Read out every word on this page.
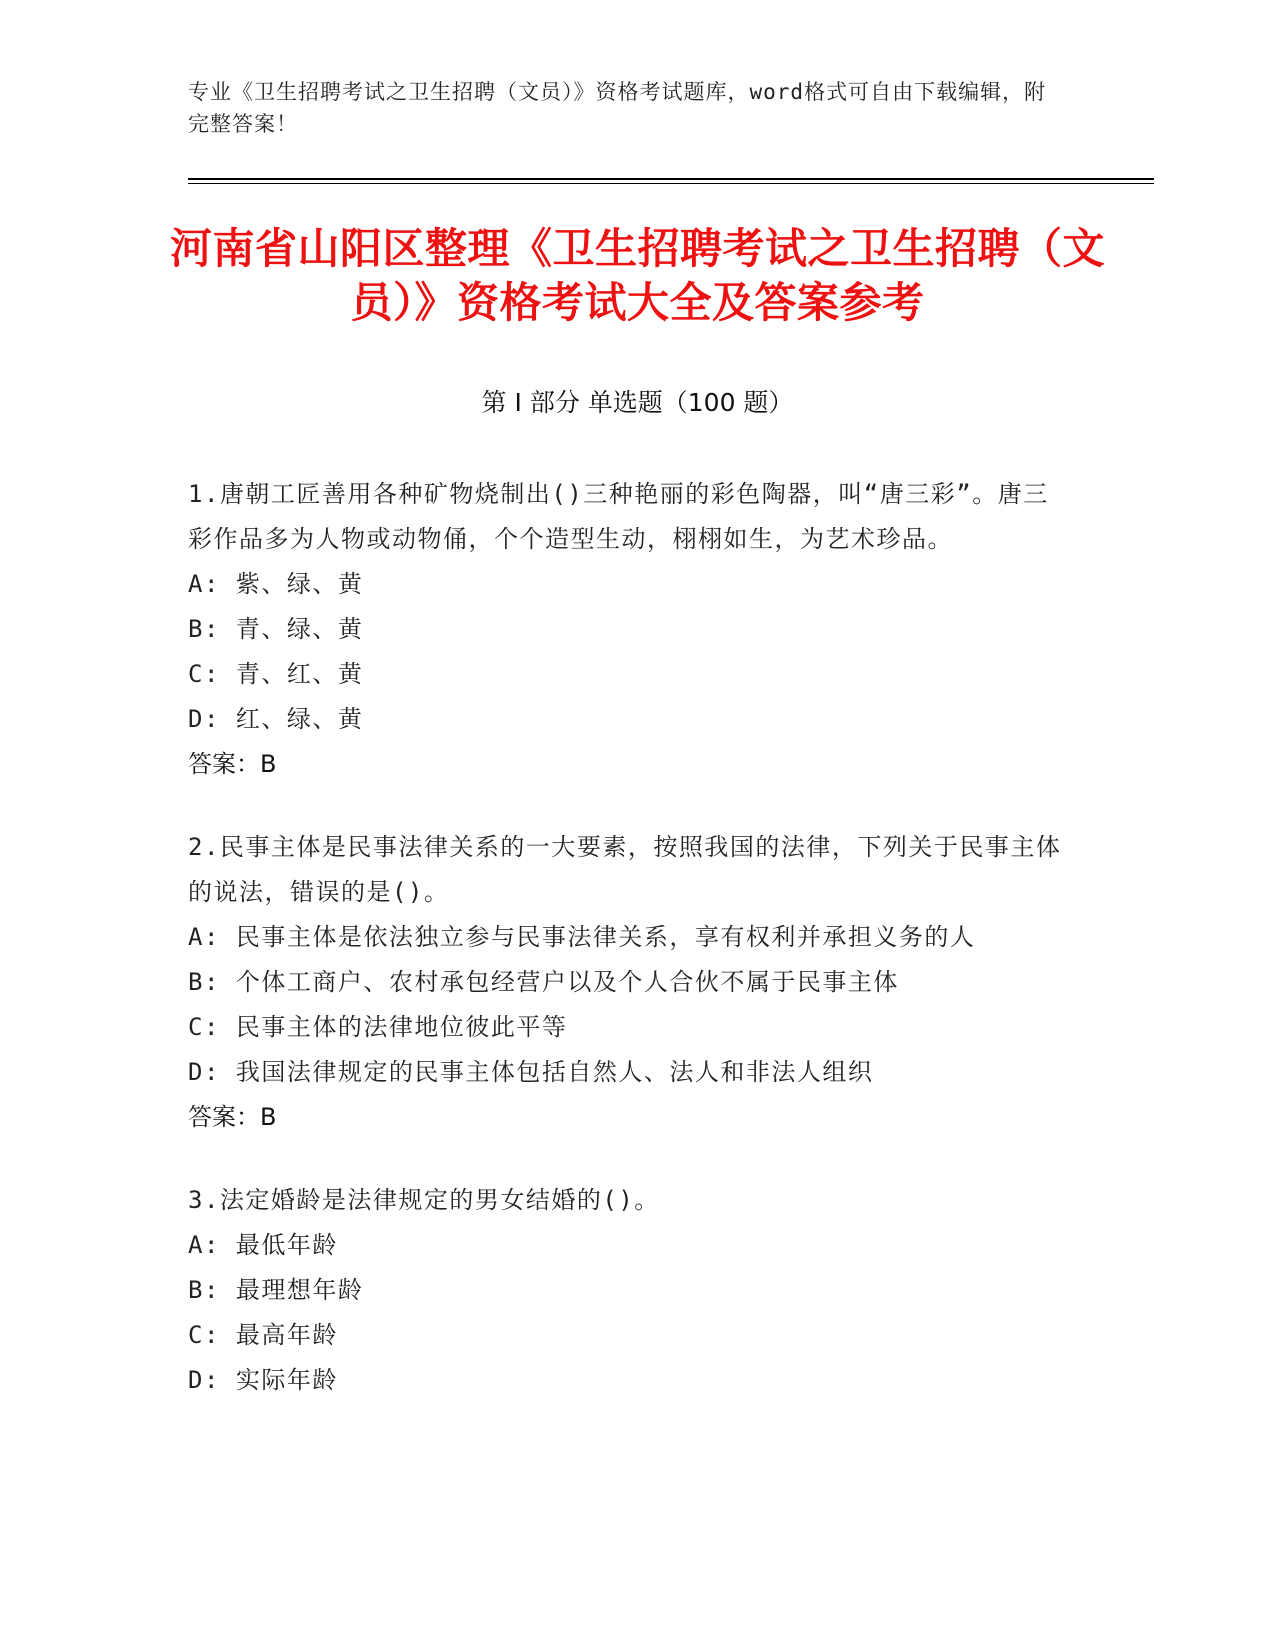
专业《卫生招聘考试之卫生招聘（文员）》资格考试题库，word格式可自由下载编辑，附完整答案！
河南省山阳区整理《卫生招聘考试之卫生招聘（文员）》资格考试大全及答案参考
第 I 部分 单选题（100 题）
1.唐朝工匠善用各种矿物烧制出()三种艳丽的彩色陶器，叫“唐三彩”。唐三彩作品多为人物或动物俑，个个造型生动，栩栩如生，为艺术珍品。
A: 紫、绿、黄
B: 青、绿、黄
C: 青、红、黄
D: 红、绿、黄
答案：B
2.民事主体是民事法律关系的一大要素，按照我国的法律，下列关于民事主体的说法，错误的是()。
A: 民事主体是依法独立参与民事法律关系，享有权利并承担义务的人
B: 个体工商户、农村承包经营户以及个人合伙不属于民事主体
C: 民事主体的法律地位彼此平等
D: 我国法律规定的民事主体包括自然人、法人和非法人组织
答案：B
3.法定婚龄是法律规定的男女结婚的()。
A: 最低年龄
B: 最理想年龄
C: 最高年龄
D: 实际年龄
